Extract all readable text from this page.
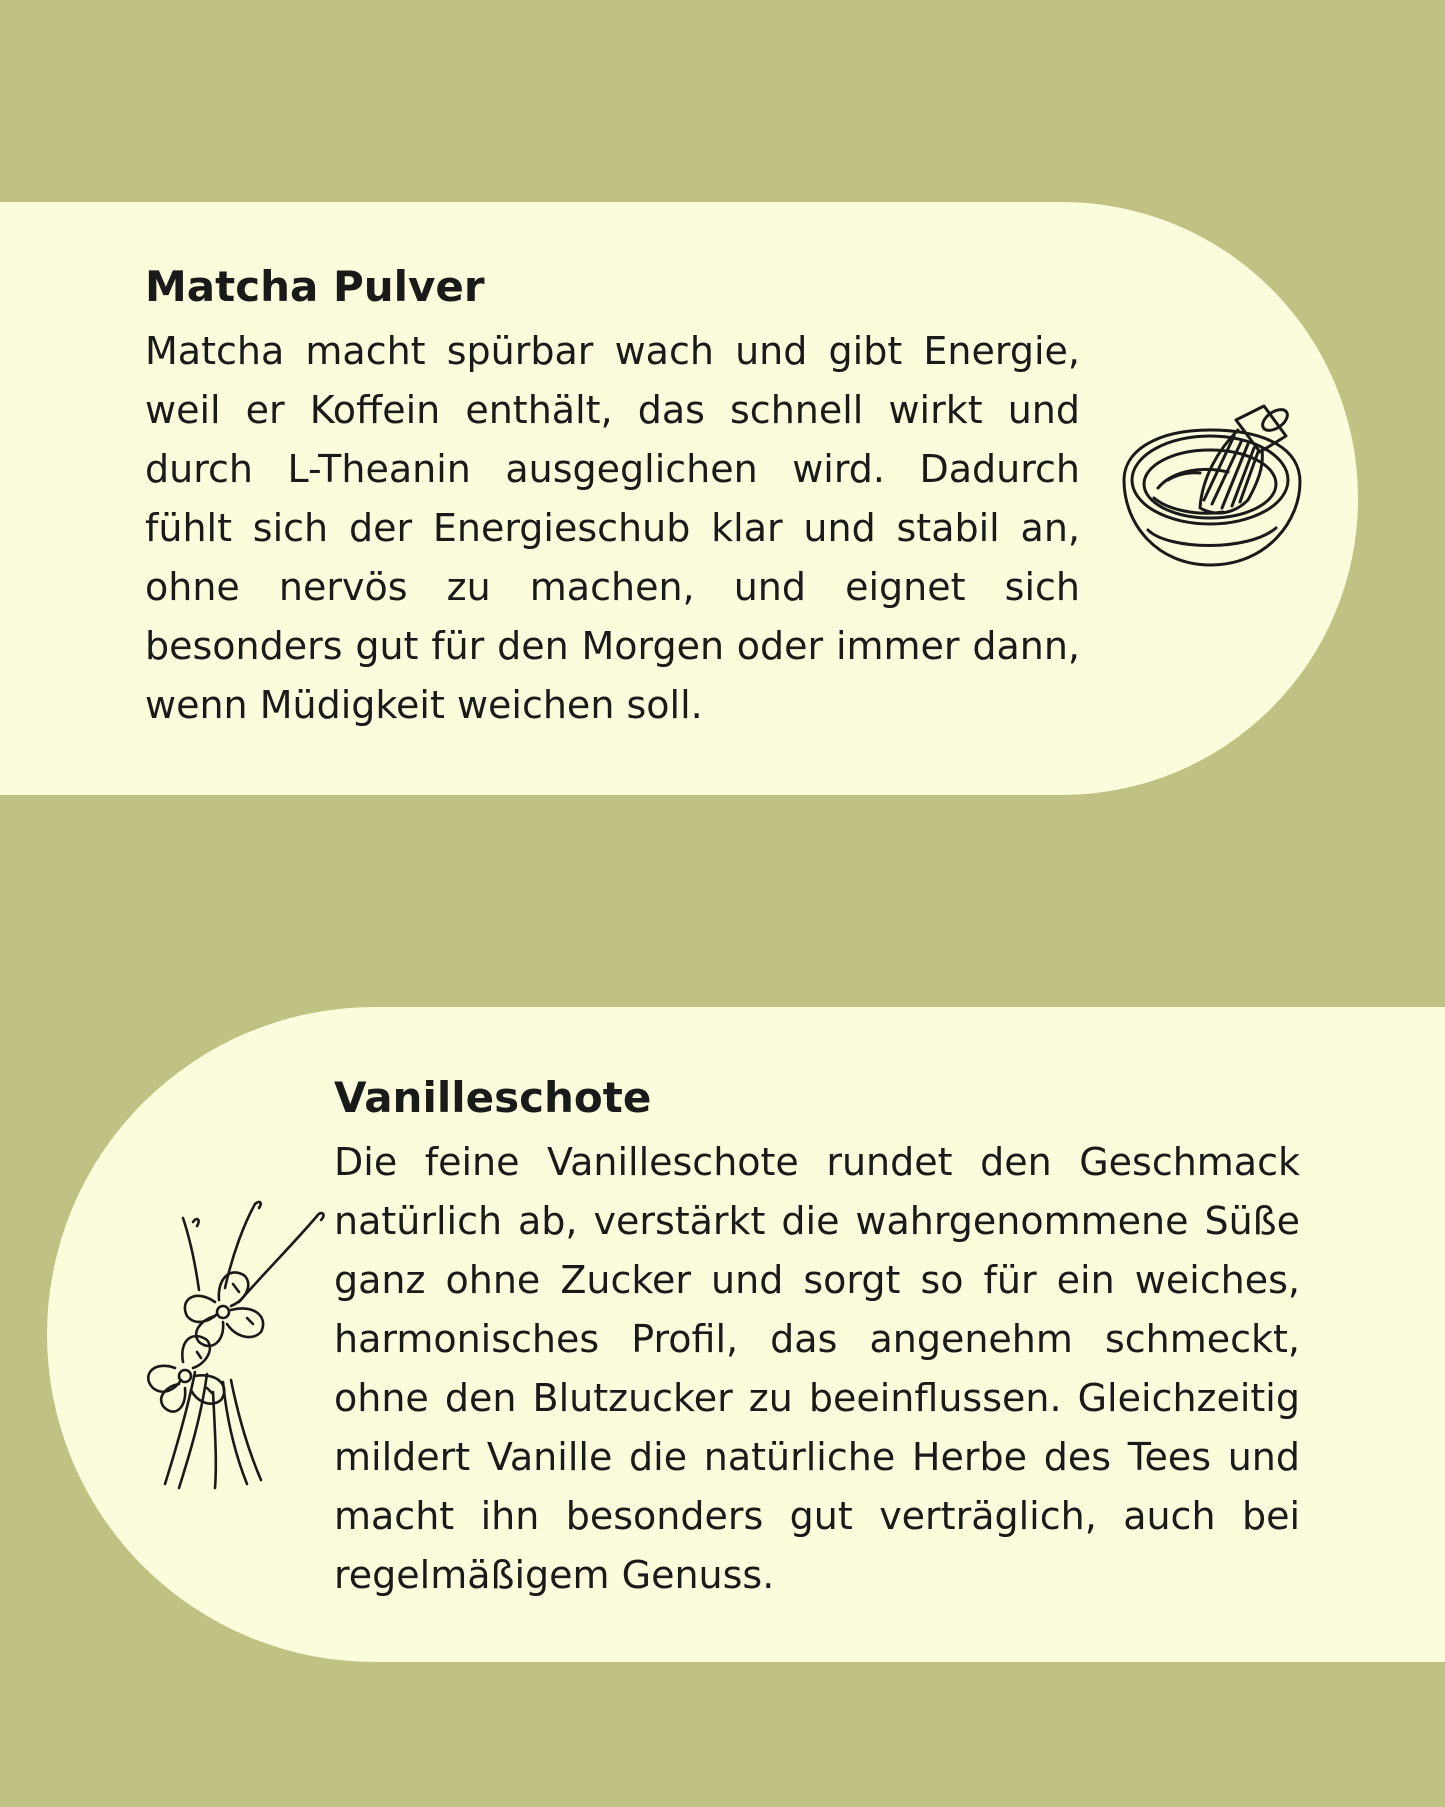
Matcha Pulver

Matcha macht spürbar wach und gibt Energie, weil er Koffein enthält, das schnell wirkt und durch L-Theanin ausgeglichen wird. Dadurch fühlt sich der Energieschub klar und stabil an, ohne nervös zu machen, und eignet sich besonders gut für den Morgen oder immer dann, wenn Müdigkeit weichen soll.

Vanilleschote

Die feine Vanilleschote rundet den Geschmack natürlich ab, verstärkt die wahrgenommene Süße ganz ohne Zucker und sorgt so für ein weiches, harmonisches Profil, das angenehm schmeckt, ohne den Blutzucker zu beeinflussen. Gleichzeitig mildert Vanille die natürliche Herbe des Tees und macht ihn besonders gut verträglich, auch bei regelmäßigem Genuss.
